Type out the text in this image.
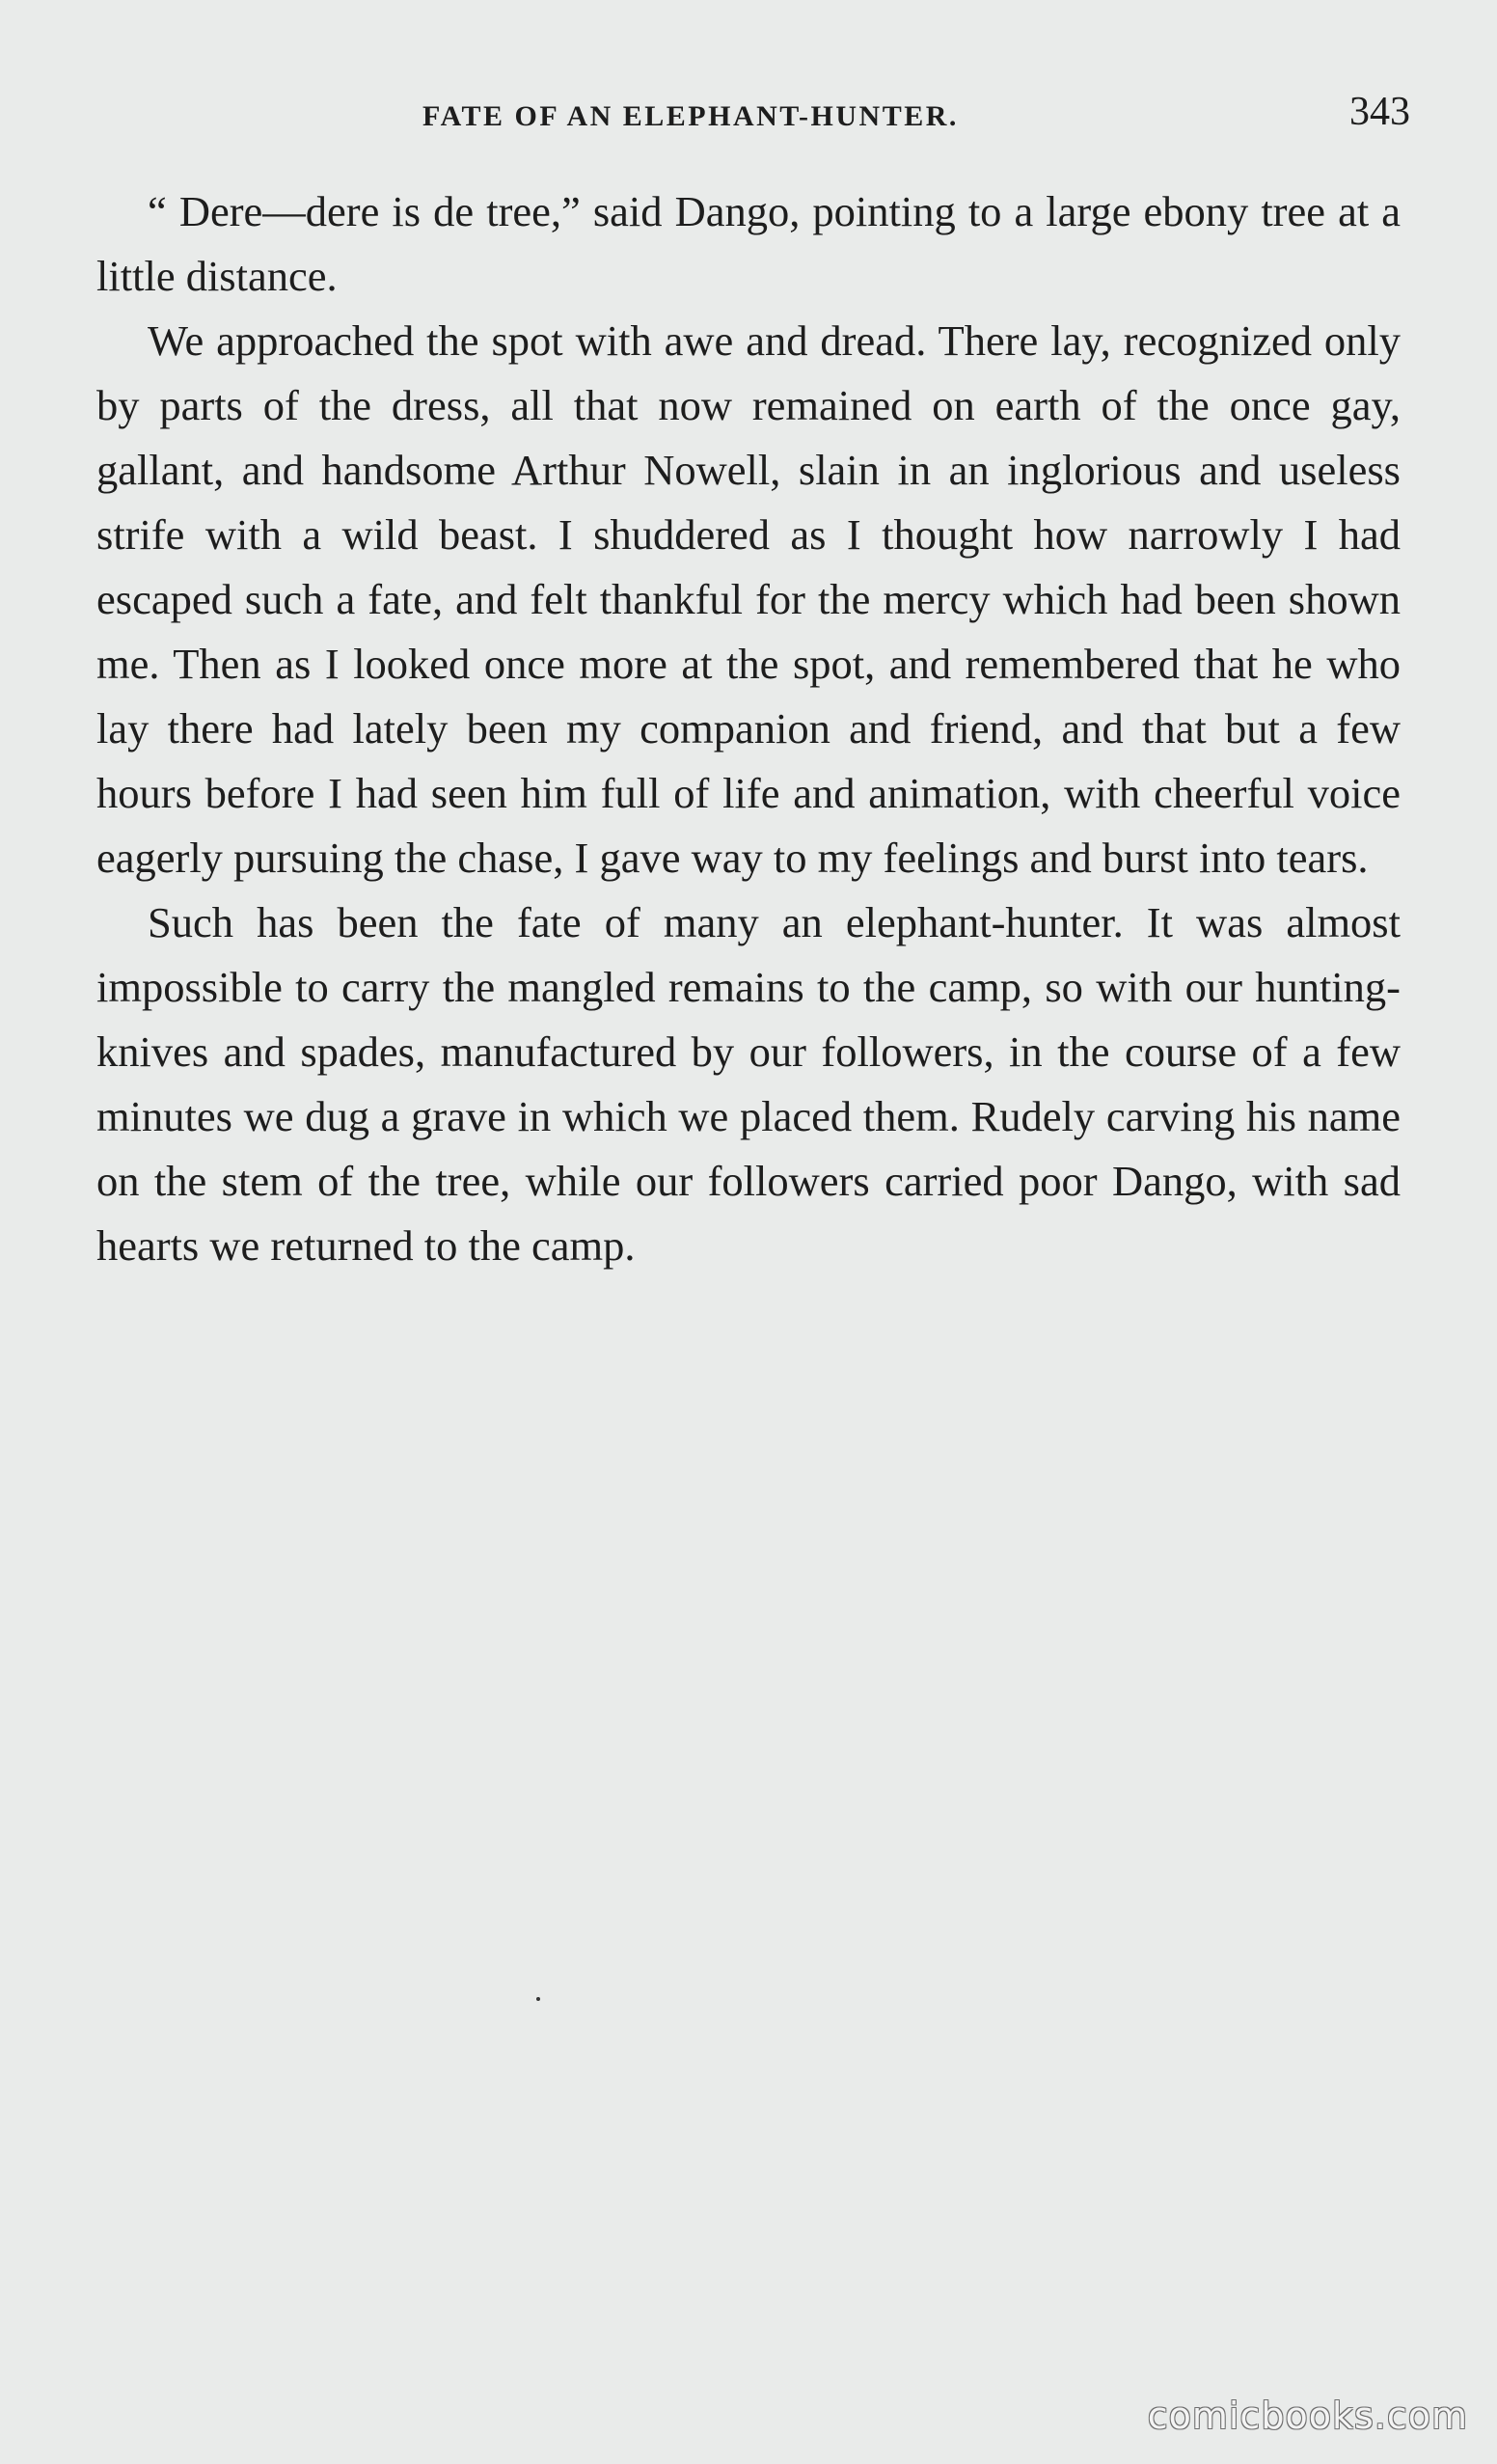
FATE OF AN ELEPHANT-HUNTER.	343

“ Dere—dere is de tree,” said Dango, pointing to a large ebony tree at a little distance.

We approached the spot with awe and dread. There lay, recognized only by parts of the dress, all that now remained on earth of the once gay, gallant, and handsome Arthur Nowell, slain in an inglorious and useless strife with a wild beast. I shuddered as I thought how narrowly I had escaped such a fate, and felt thankful for the mercy which had been shown me. Then as I looked once more at the spot, and remembered that he who lay there had lately been my companion and friend, and that but a few hours before I had seen him full of life and animation, with cheerful voice eagerly pursuing the chase, I gave way to my feelings and burst into tears.

Such has been the fate of many an elephant-hunter. It was almost impossible to carry the mangled remains to the camp, so with our hunting-knives and spades, manufactured by our followers, in the course of a few minutes we dug a grave in which we placed them. Rudely carving his name on the stem of the tree, while our followers carried poor Dango, with sad hearts we returned to the camp.

comicbooks.com
